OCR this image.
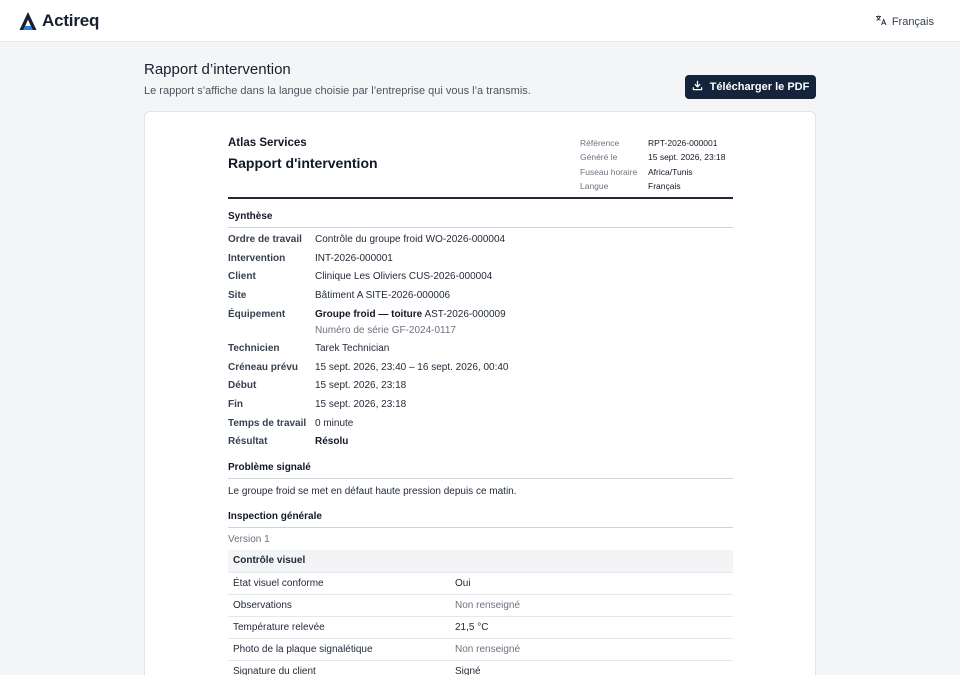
Actireq	Français
Rapport d’intervention
Le rapport s’affiche dans la langue choisie par l’entreprise qui vous l’a transmis.	Télécharger le PDF
Atlas Services
Rapport d'intervention
Référence	RPT-2026-000001
Généré le	15 sept. 2026, 23:18
Fuseau horaire	Africa/Tunis
Langue	Français
Synthèse
Ordre de travail	Contrôle du groupe froid WO-2026-000004
Intervention	INT-2026-000001
Client	Clinique Les Oliviers CUS-2026-000004
Site	Bâtiment A SITE-2026-000006
Équipement	Groupe froid — toiture AST-2026-000009
Numéro de série GF-2024-0117
Technicien	Tarek Technician
Créneau prévu	15 sept. 2026, 23:40 – 16 sept. 2026, 00:40
Début	15 sept. 2026, 23:18
Fin	15 sept. 2026, 23:18
Temps de travail 0 minute
Résultat	Résolu
Problème signalé
Le groupe froid se met en défaut haute pression depuis ce matin.
Inspection générale
Version 1
Contrôle visuel
État visuel conforme	Oui
Observations	Non renseigné
Température relevée	21,5 °C
Photo de la plaque signalétique	Non renseigné
Signature du client	Signé
